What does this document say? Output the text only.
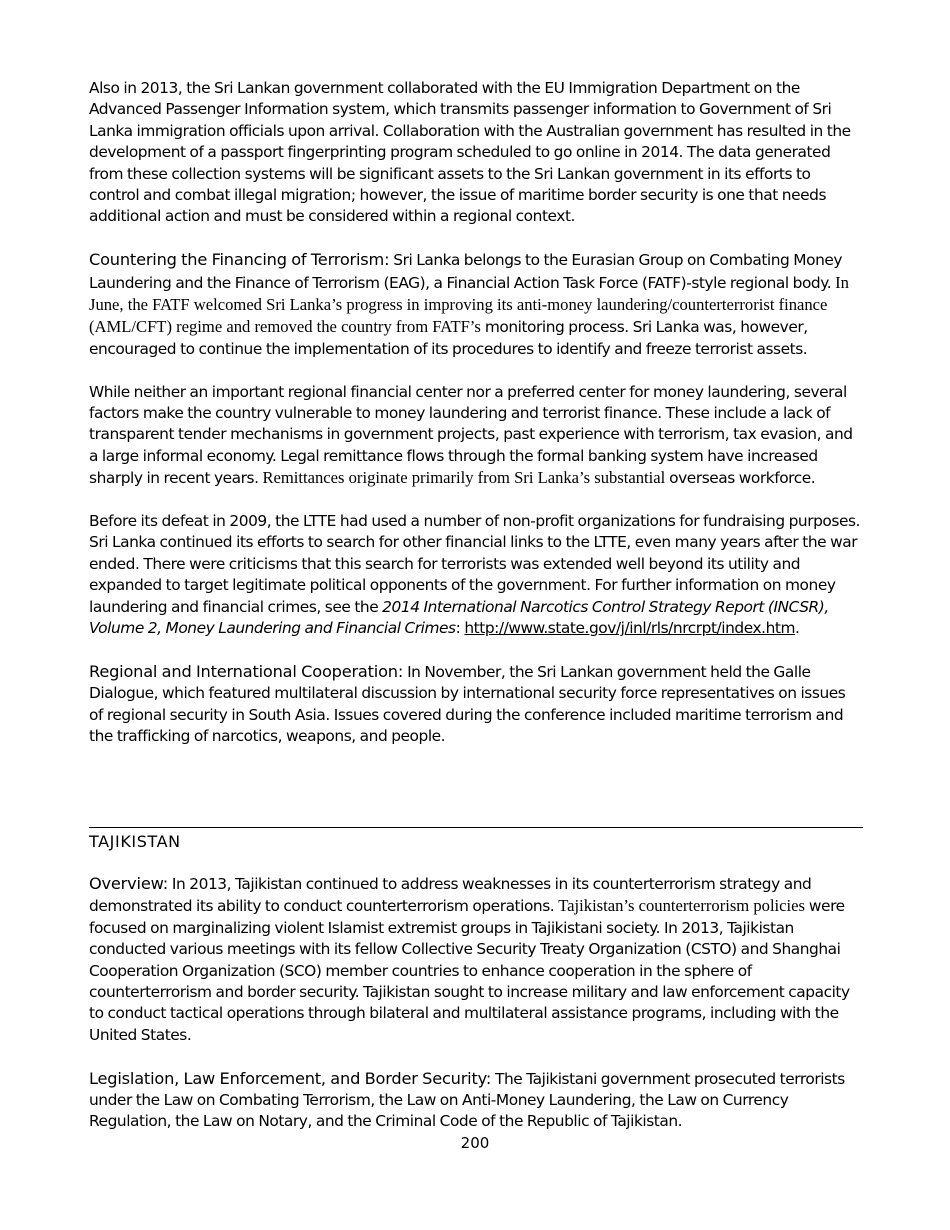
Also in 2013, the Sri Lankan government collaborated with the EU Immigration Department on the Advanced Passenger Information system, which transmits passenger information to Government of Sri Lanka immigration officials upon arrival. Collaboration with the Australian government has resulted in the development of a passport fingerprinting program scheduled to go online in 2014. The data generated from these collection systems will be significant assets to the Sri Lankan government in its efforts to control and combat illegal migration; however, the issue of maritime border security is one that needs additional action and must be considered within a regional context.

Countering the Financing of Terrorism: Sri Lanka belongs to the Eurasian Group on Combating Money Laundering and the Finance of Terrorism (EAG), a Financial Action Task Force (FATF)-style regional body. In June, the FATF welcomed Sri Lanka’s progress in improving its anti-money laundering/counterterrorist finance (AML/CFT) regime and removed the country from FATF’s monitoring process. Sri Lanka was, however, encouraged to continue the implementation of its procedures to identify and freeze terrorist assets.

While neither an important regional financial center nor a preferred center for money laundering, several factors make the country vulnerable to money laundering and terrorist finance. These include a lack of transparent tender mechanisms in government projects, past experience with terrorism, tax evasion, and a large informal economy. Legal remittance flows through the formal banking system have increased sharply in recent years. Remittances originate primarily from Sri Lanka’s substantial overseas workforce.

Before its defeat in 2009, the LTTE had used a number of non-profit organizations for fundraising purposes. Sri Lanka continued its efforts to search for other financial links to the LTTE, even many years after the war ended. There were criticisms that this search for terrorists was extended well beyond its utility and expanded to target legitimate political opponents of the government. For further information on money laundering and financial crimes, see the 2014 International Narcotics Control Strategy Report (INCSR), Volume 2, Money Laundering and Financial Crimes: http://www.state.gov/j/inl/rls/nrcrpt/index.htm.

Regional and International Cooperation: In November, the Sri Lankan government held the Galle Dialogue, which featured multilateral discussion by international security force representatives on issues of regional security in South Asia. Issues covered during the conference included maritime terrorism and the trafficking of narcotics, weapons, and people.

TAJIKISTAN

Overview: In 2013, Tajikistan continued to address weaknesses in its counterterrorism strategy and demonstrated its ability to conduct counterterrorism operations. Tajikistan’s counterterrorism policies were focused on marginalizing violent Islamist extremist groups in Tajikistani society. In 2013, Tajikistan conducted various meetings with its fellow Collective Security Treaty Organization (CSTO) and Shanghai Cooperation Organization (SCO) member countries to enhance cooperation in the sphere of counterterrorism and border security. Tajikistan sought to increase military and law enforcement capacity to conduct tactical operations through bilateral and multilateral assistance programs, including with the United States.

Legislation, Law Enforcement, and Border Security: The Tajikistani government prosecuted terrorists under the Law on Combating Terrorism, the Law on Anti-Money Laundering, the Law on Currency Regulation, the Law on Notary, and the Criminal Code of the Republic of Tajikistan.

200
